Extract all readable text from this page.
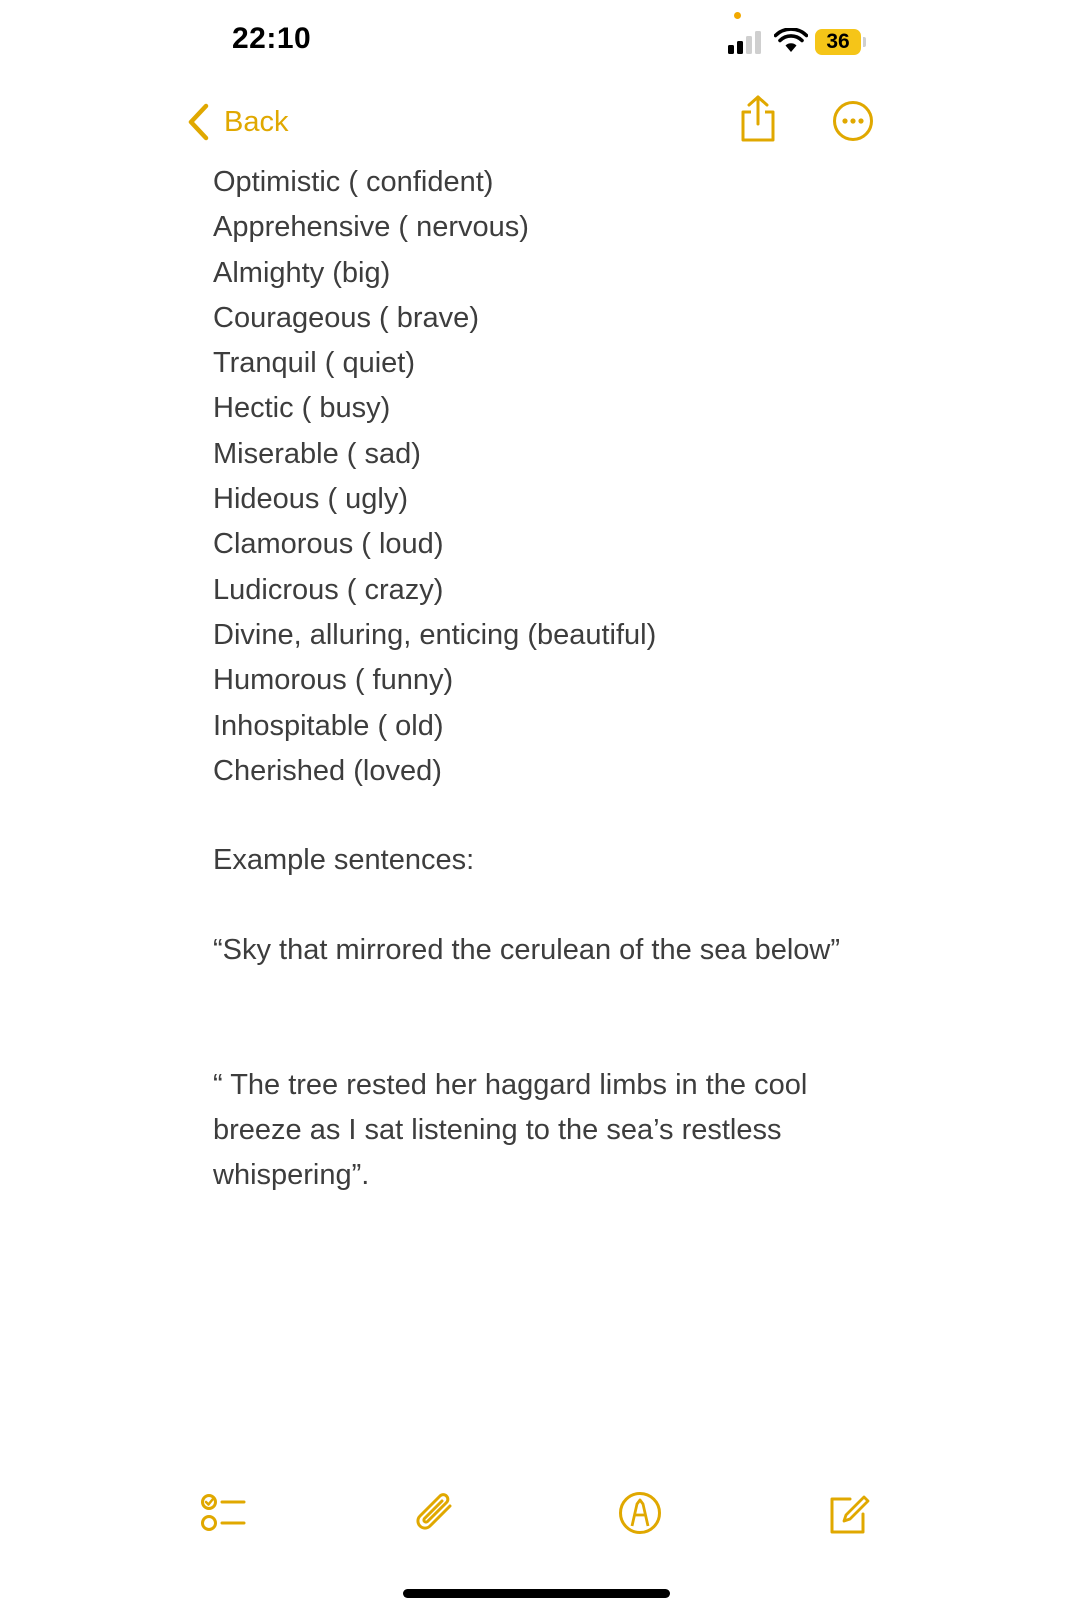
22:10	36
Back
Optimistic ( confident)
Apprehensive ( nervous)
Almighty (big)
Courageous ( brave)
Tranquil ( quiet)
Hectic ( busy)
Miserable ( sad)
Hideous ( ugly)
Clamorous ( loud)
Ludicrous ( crazy)
Divine, alluring, enticing (beautiful)
Humorous ( funny)
Inhospitable ( old)
Cherished (loved)
Example sentences:
“Sky that mirrored the cerulean of the sea below”
“ The tree rested her haggard limbs in the cool breeze as I sat listening to the sea’s restless whispering”.
